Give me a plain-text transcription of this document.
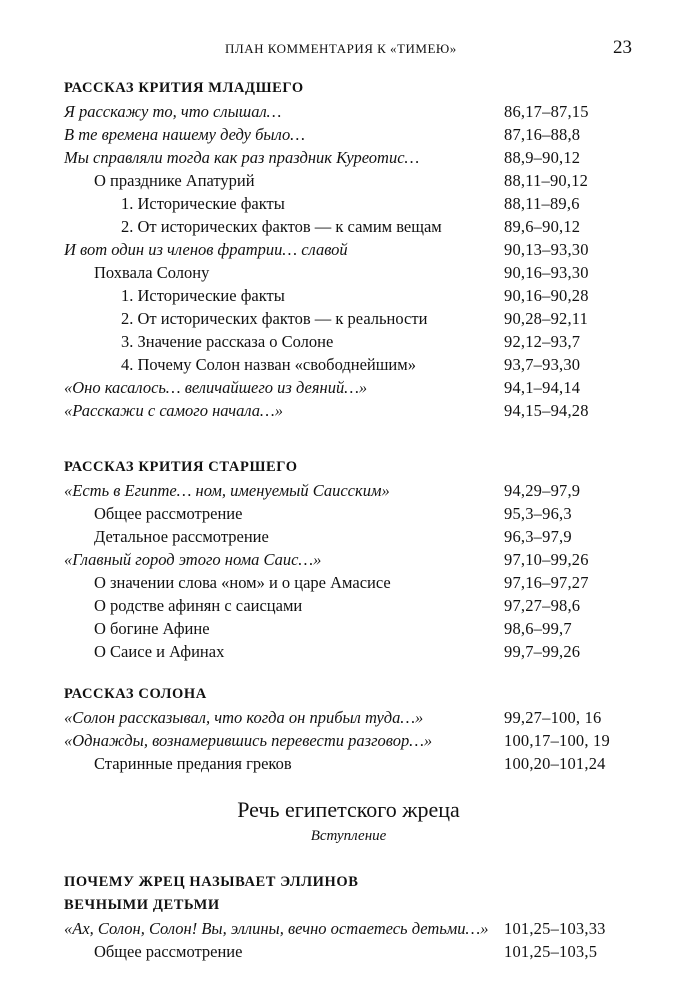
ПЛАН КОММЕНТАРИЯ К «ТИМЕЮ»	23
РАССКАЗ КРИТИЯ МЛАДШЕГО
Я расскажу то, что слышал…	86,17–87,15
В те времена нашему деду было…	87,16–88,8
Мы справляли тогда как раз праздник Куреотис…	88,9–90,12
О празднике Апатурий	88,11–90,12
1. Исторические факты	88,11–89,6
2. От исторических фактов — к самим вещам	89,6–90,12
И вот один из членов фратрии… славой	90,13–93,30
Похвала Солону	90,16–93,30
1. Исторические факты	90,16–90,28
2. От исторических фактов — к реальности	90,28–92,11
3. Значение рассказа о Солоне	92,12–93,7
4. Почему Солон назван «свободнейшим»	93,7–93,30
«Оно касалось… величайшего из деяний…»	94,1–94,14
«Расскажи с самого начала…»	94,15–94,28
РАССКАЗ КРИТИЯ СТАРШЕГО
«Есть в Египте… ном, именуемый Саисским»	94,29–97,9
Общее рассмотрение	95,3–96,3
Детальное рассмотрение	96,3–97,9
«Главный город этого нома Саис…»	97,10–99,26
О значении слова «ном» и о царе Амасисе	97,16–97,27
О родстве афинян с саисцами	97,27–98,6
О богине Афине	98,6–99,7
О Саисе и Афинах	99,7–99,26
РАССКАЗ СОЛОНА
«Солон рассказывал, что когда он прибыл туда…»	99,27–100, 16
«Однажды, вознамерившись перевести разговор…»	100,17–100, 19
Старинные предания греков	100,20–101,24
Речь египетского жреца
Вступление
ПОЧЕМУ ЖРЕЦ НАЗЫВАЕТ ЭЛЛИНОВ
ВЕЧНЫМИ ДЕТЬМИ
«Ах, Солон, Солон! Вы, эллины, вечно остаетесь детьми…» 101,25–103,33
Общее рассмотрение	101,25–103,5
